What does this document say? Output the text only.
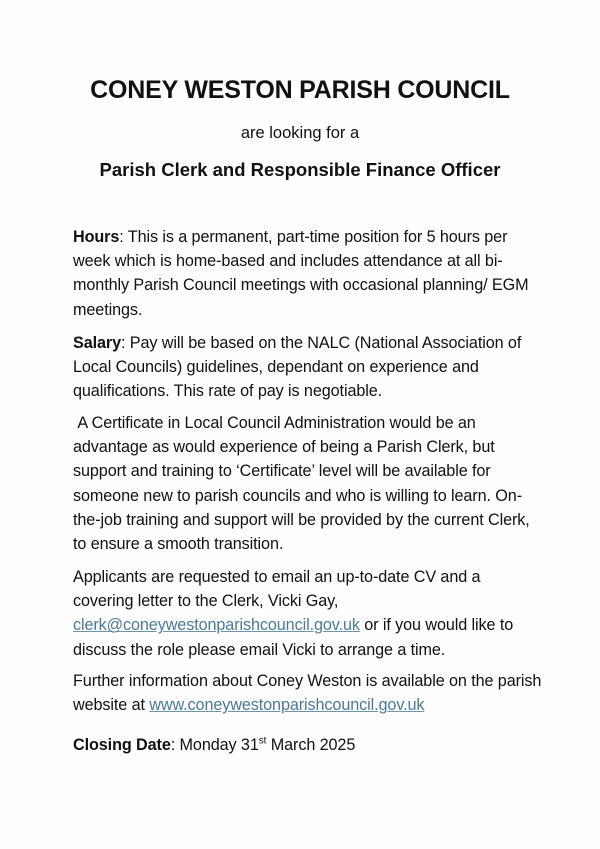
CONEY WESTON PARISH COUNCIL

are looking for a

Parish Clerk and Responsible Finance Officer

Hours: This is a permanent, part-time position for 5 hours per week which is home-based and includes attendance at all bi-monthly Parish Council meetings with occasional planning/ EGM meetings.

Salary: Pay will be based on the NALC (National Association of Local Councils) guidelines, dependant on experience and qualifications. This rate of pay is negotiable.

A Certificate in Local Council Administration would be an advantage as would experience of being a Parish Clerk, but support and training to ‘Certificate’ level will be available for someone new to parish councils and who is willing to learn. On-the-job training and support will be provided by the current Clerk, to ensure a smooth transition.

Applicants are requested to email an up-to-date CV and a covering letter to the Clerk, Vicki Gay, clerk@coneywestonparishcouncil.gov.uk or if you would like to discuss the role please email Vicki to arrange a time.

Further information about Coney Weston is available on the parish website at www.coneywestonparishcouncil.gov.uk

Closing Date: Monday 31st March 2025
